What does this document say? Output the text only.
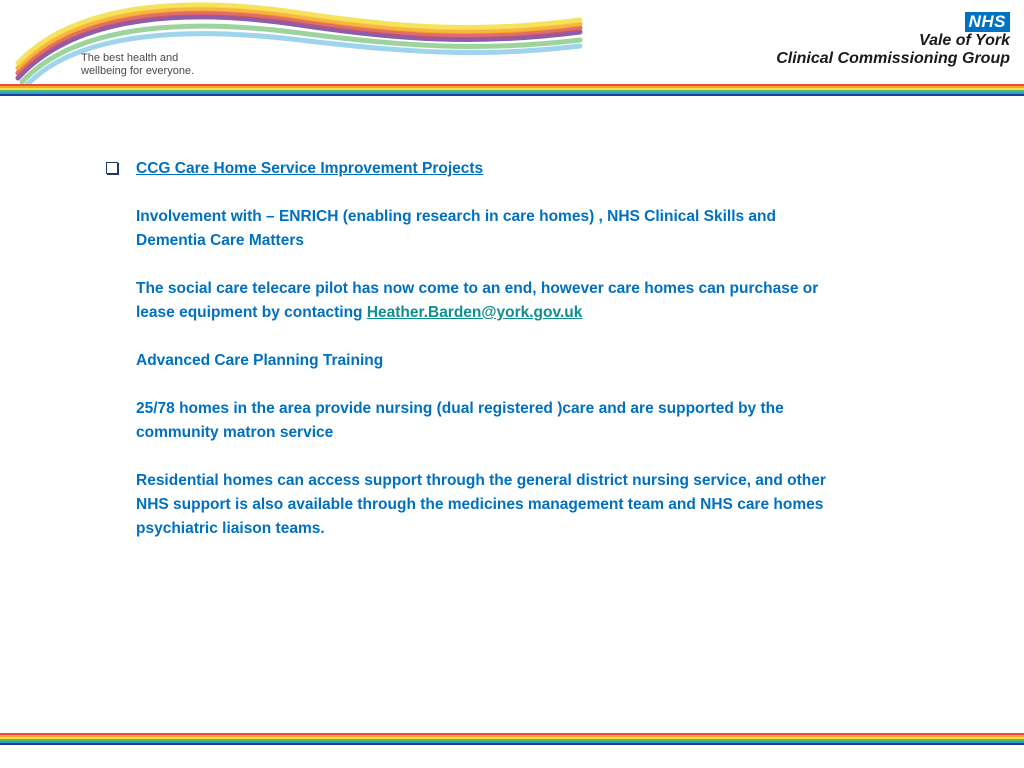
The best health and
wellbeing for everyone.
NHS
Vale of York
Clinical Commissioning Group
CCG Care Home Service Improvement Projects

Involvement with – ENRICH (enabling research in care homes) , NHS Clinical Skills and Dementia Care Matters

The social care telecare pilot has now come to an end, however care homes can purchase or lease equipment by contacting Heather.Barden@york.gov.uk

Advanced Care Planning Training

25/78 homes in the area provide nursing (dual registered )care and are supported by the community matron service

Residential homes can access support through the general district nursing service, and other NHS support is also available through the medicines management team and NHS care homes psychiatric liaison teams.
